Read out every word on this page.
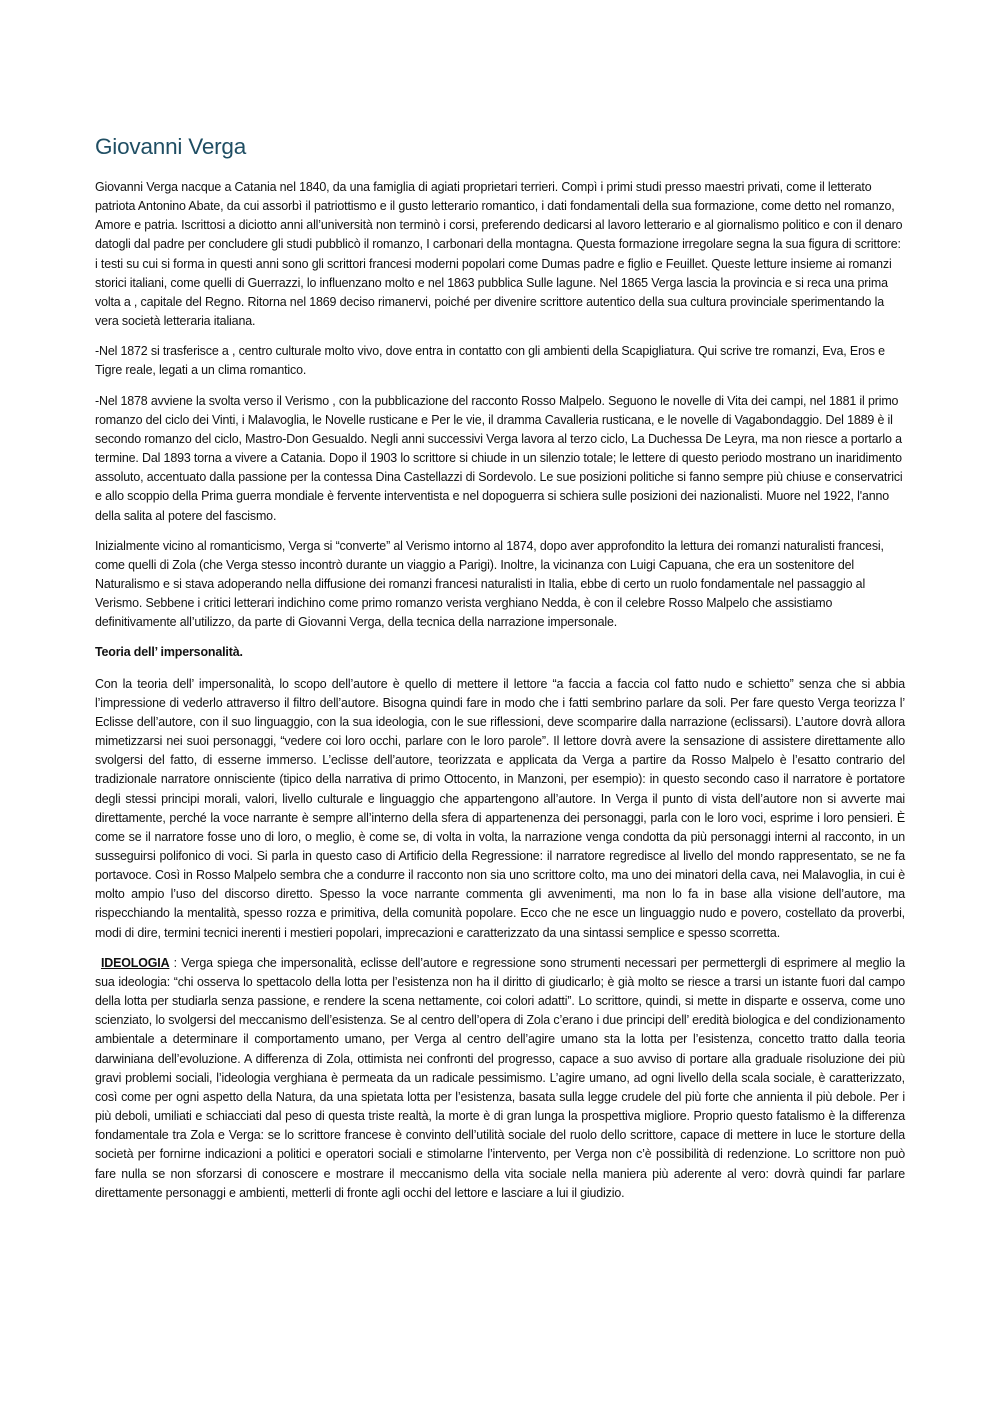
Giovanni Verga

Giovanni Verga nacque a Catania nel 1840, da una famiglia di agiati proprietari terrieri. Compì i primi studi presso maestri privati, come il letterato patriota Antonino Abate, da cui assorbì il patriottismo e il gusto letterario romantico, i dati fondamentali della sua formazione, come detto nel romanzo, Amore e patria. Iscrittosi a diciotto anni all’università non terminò i corsi, preferendo dedicarsi al lavoro letterario e al giornalismo politico e con il denaro datogli dal padre per concludere gli studi pubblicò il romanzo, I carbonari della montagna. Questa formazione irregolare segna la sua figura di scrittore: i testi su cui si forma in questi anni sono gli scrittori francesi moderni popolari come Dumas padre e figlio e Feuillet. Queste letture insieme ai romanzi storici italiani, come quelli di Guerrazzi, lo influenzano molto e nel 1863 pubblica Sulle lagune. Nel 1865 Verga lascia la provincia e si reca una prima volta a , capitale del Regno. Ritorna nel 1869 deciso rimanervi, poiché per divenire scrittore autentico della sua cultura provinciale sperimentando la vera società letteraria italiana.

-Nel 1872 si trasferisce a , centro culturale molto vivo, dove entra in contatto con gli ambienti della Scapigliatura. Qui scrive tre romanzi, Eva, Eros e Tigre reale, legati a un clima romantico.

-Nel 1878 avviene la svolta verso il Verismo , con la pubblicazione del racconto Rosso Malpelo. Seguono le novelle di Vita dei campi, nel 1881 il primo romanzo del ciclo dei Vinti, i Malavoglia, le Novelle rusticane e Per le vie, il dramma Cavalleria rusticana, e le novelle di Vagabondaggio. Del 1889 è il secondo romanzo del ciclo, Mastro-Don Gesualdo. Negli anni successivi Verga lavora al terzo ciclo, La Duchessa De Leyra, ma non riesce a portarlo a termine. Dal 1893 torna a vivere a Catania. Dopo il 1903 lo scrittore si chiude in un silenzio totale; le lettere di questo periodo mostrano un inaridimento assoluto, accentuato dalla passione per la contessa Dina Castellazzi di Sordevolo. Le sue posizioni politiche si fanno sempre più chiuse e conservatrici e allo scoppio della Prima guerra mondiale è fervente interventista e nel dopoguerra si schiera sulle posizioni dei nazionalisti. Muore nel 1922, l'anno della salita al potere del fascismo.

Inizialmente vicino al romanticismo, Verga si “converte” al Verismo intorno al 1874, dopo aver approfondito la lettura dei romanzi naturalisti francesi, come quelli di Zola (che Verga stesso incontrò durante un viaggio a Parigi). Inoltre, la vicinanza con Luigi Capuana, che era un sostenitore del Naturalismo e si stava adoperando nella diffusione dei romanzi francesi naturalisti in Italia, ebbe di certo un ruolo fondamentale nel passaggio al Verismo. Sebbene i critici letterari indichino come primo romanzo verista verghiano Nedda, è con il celebre Rosso Malpelo che assistiamo definitivamente all’utilizzo, da parte di Giovanni Verga, della tecnica della narrazione impersonale.

Teoria dell’ impersonalità.

Con la teoria dell’ impersonalità, lo scopo dell’autore è quello di mettere il lettore “a faccia a faccia col fatto nudo e schietto” senza che si abbia l’impressione di vederlo attraverso il filtro dell’autore. Bisogna quindi fare in modo che i fatti sembrino parlare da soli. Per fare questo Verga teorizza l’ Eclisse dell’autore, con il suo linguaggio, con la sua ideologia, con le sue riflessioni, deve scomparire dalla narrazione (eclissarsi). L’autore dovrà allora mimetizzarsi nei suoi personaggi, “vedere coi loro occhi, parlare con le loro parole”. Il lettore dovrà avere la sensazione di assistere direttamente allo svolgersi del fatto, di esserne immerso. L’eclisse dell’autore, teorizzata e applicata da Verga a partire da Rosso Malpelo è l’esatto contrario del tradizionale narratore onnisciente (tipico della narrativa di primo Ottocento, in Manzoni, per esempio): in questo secondo caso il narratore è portatore degli stessi principi morali, valori, livello culturale e linguaggio che appartengono all’autore. In Verga il punto di vista dell’autore non si avverte mai direttamente, perché la voce narrante è sempre all’interno della sfera di appartenenza dei personaggi, parla con le loro voci, esprime i loro pensieri. È come se il narratore fosse uno di loro, o meglio, è come se, di volta in volta, la narrazione venga condotta da più personaggi interni al racconto, in un susseguirsi polifonico di voci. Si parla in questo caso di Artificio della Regressione: il narratore regredisce al livello del mondo rappresentato, se ne fa portavoce. Così in Rosso Malpelo sembra che a condurre il racconto non sia uno scrittore colto, ma uno dei minatori della cava, nei Malavoglia, in cui è molto ampio l’uso del discorso diretto. Spesso la voce narrante commenta gli avvenimenti, ma non lo fa in base alla visione dell’autore, ma rispecchiando la mentalità, spesso rozza e primitiva, della comunità popolare. Ecco che ne esce un linguaggio nudo e povero, costellato da proverbi, modi di dire, termini tecnici inerenti i mestieri popolari, imprecazioni e caratterizzato da una sintassi semplice e spesso scorretta.

IDEOLOGIA : Verga spiega che impersonalità, eclisse dell’autore e regressione sono strumenti necessari per permettergli di esprimere al meglio la sua ideologia: “chi osserva lo spettacolo della lotta per l’esistenza non ha il diritto di giudicarlo; è già molto se riesce a trarsi un istante fuori dal campo della lotta per studiarla senza passione, e rendere la scena nettamente, coi colori adatti”. Lo scrittore, quindi, si mette in disparte e osserva, come uno scienziato, lo svolgersi del meccanismo dell’esistenza. Se al centro dell’opera di Zola c’erano i due principi dell’ eredità biologica e del condizionamento ambientale a determinare il comportamento umano, per Verga al centro dell’agire umano sta la lotta per l’esistenza, concetto tratto dalla teoria darwiniana dell’evoluzione. A differenza di Zola, ottimista nei confronti del progresso, capace a suo avviso di portare alla graduale risoluzione dei più gravi problemi sociali, l’ideologia verghiana è permeata da un radicale pessimismo. L’agire umano, ad ogni livello della scala sociale, è caratterizzato, così come per ogni aspetto della Natura, da una spietata lotta per l’esistenza, basata sulla legge crudele del più forte che annienta il più debole. Per i più deboli, umiliati e schiacciati dal peso di questa triste realtà, la morte è di gran lunga la prospettiva migliore. Proprio questo fatalismo è la differenza fondamentale tra Zola e Verga: se lo scrittore francese è convinto dell’utilità sociale del ruolo dello scrittore, capace di mettere in luce le storture della società per fornirne indicazioni a politici e operatori sociali e stimolarne l’intervento, per Verga non c’è possibilità di redenzione. Lo scrittore non può fare nulla se non sforzarsi di conoscere e mostrare il meccanismo della vita sociale nella maniera più aderente al vero: dovrà quindi far parlare direttamente personaggi e ambienti, metterli di fronte agli occhi del lettore e lasciare a lui il giudizio.
